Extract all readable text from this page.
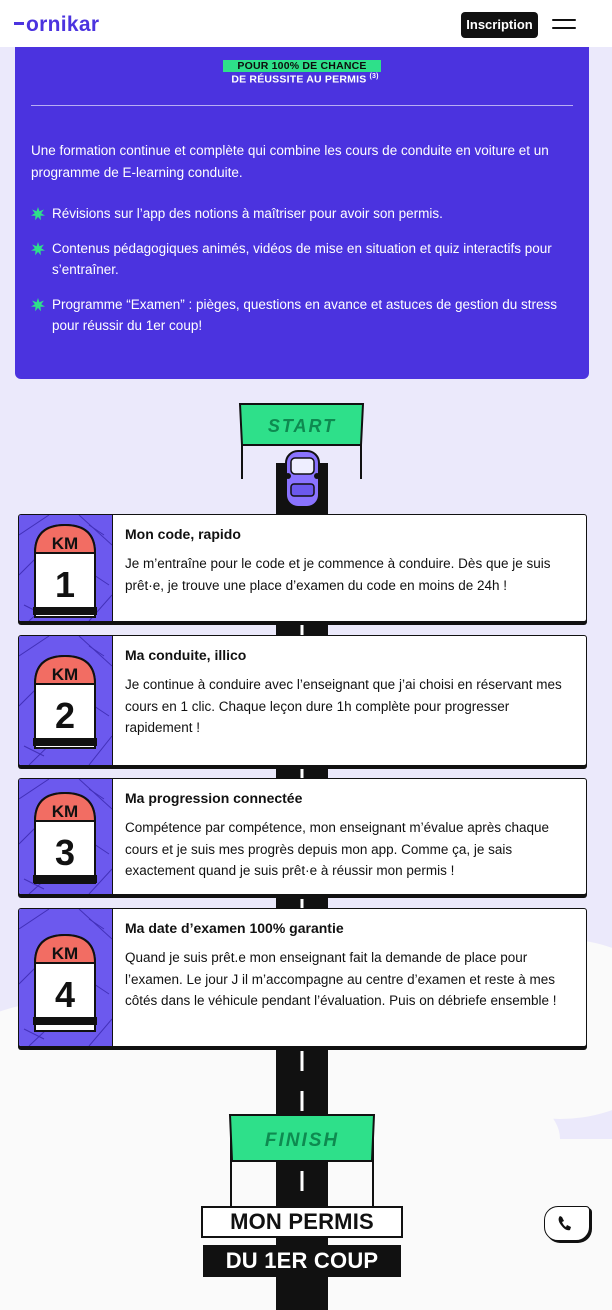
ornikar	Inscription
POUR 100% DE CHANCE
DE RÉUSSITE AU PERMIS $^{(3)}$
Une formation continue et complète qui combine les cours de conduite en voiture et un programme de E-learning conduite.
Révisions sur l’app des notions à maîtriser pour avoir son permis.
Contenus pédagogiques animés, vidéos de mise en situation et quiz interactifs pour s’entraîner.
Programme “Examen” : pièges, questions en avance et astuces de gestion du stress pour réussir du 1er coup!
START
KM
1
Mon code, rapido
Je m’entraîne pour le code et je commence à conduire. Dès que je suis prêt·e, je trouve une place d’examen du code en moins de 24h !
KM
2
Ma conduite, illico
Je continue à conduire avec l’enseignant que j’ai choisi en réservant mes cours en 1 clic. Chaque leçon dure 1h complète pour progresser rapidement !
KM
3
Ma progression connectée
Compétence par compétence, mon enseignant m’évalue après chaque cours et je suis mes progrès depuis mon app. Comme ça, je sais exactement quand je suis prêt·e à réussir mon permis !
KM
4
Ma date d’examen 100% garantie
Quand je suis prêt.e mon enseignant fait la demande de place pour l’examen. Le jour J il m’accompagne au centre d’examen et reste à mes côtés dans le véhicule pendant l’évaluation. Puis on débriefe ensemble !
FINISH
MON PERMIS
DU 1ER COUP
